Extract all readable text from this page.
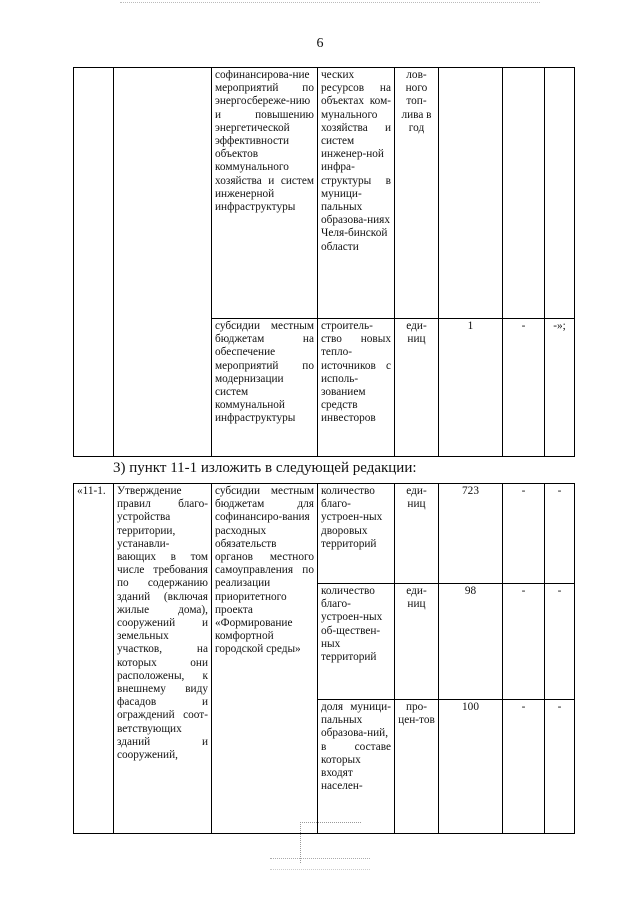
6
		софинансирова-ние мероприятий по энергосбереже-нию и повышению энергетической эффективности объектов коммунального хозяйства и систем инженерной инфраструктуры	ческих ресурсов на объектах ком-мунального хозяйства и систем инженер-ной инфра-структуры в муници-пальных образова-ниях Челя-бинской области	лов-ного топ-лива в год			
		субсидии местным бюджетам на обеспечение мероприятий по модернизации систем коммунальной инфраструктуры	строитель-ство новых тепло-источников с исполь-зованием средств инвесторов	еди-ниц	1	-	-»;
3) пункт 11-1 изложить в следующей редакции:
«11-1.	Утверждение правил благо-устройства территории, устанавли-вающих в том числе требования по содержанию зданий (включая жилые дома), сооружений и земельных участков, на которых они расположены, к внешнему виду фасадов и ограждений соот-ветствующих зданий и сооружений,	субсидии местным бюджетам для софинансиро-вания расходных обязательств органов местного самоуправления по реализации приоритетного проекта «Формирование комфортной городской среды»	количество благо-устроен-ных дворовых территорий	еди-ниц	723	-	-
			количество благо-устроен-ных об-ществен-ных территорий	еди-ниц	98	-	-
			доля муници-пальных образова-ний, в составе которых входят населен-	про-цен-тов	100	-	-
